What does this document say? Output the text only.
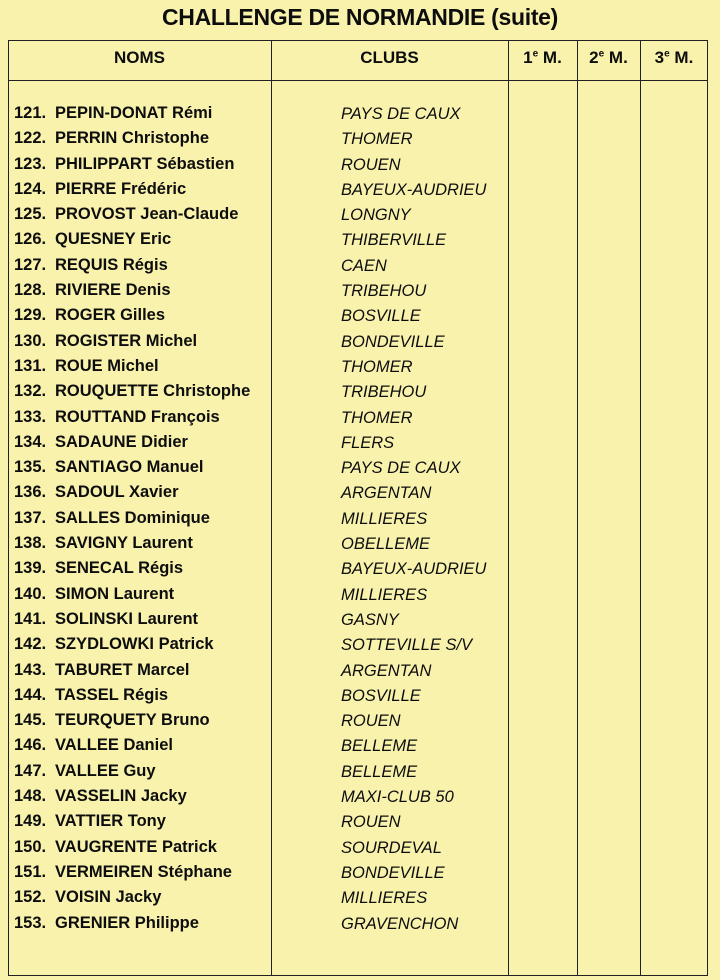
CHALLENGE DE NORMANDIE (suite)
NOMS	CLUBS	1e M.	2e M.	3e M.
121. PEPIN-DONAT Rémi	PAYS DE CAUX
122. PERRIN Christophe	THOMER
123. PHILIPPART Sébastien	ROUEN
124. PIERRE Frédéric	BAYEUX-AUDRIEU
125. PROVOST Jean-Claude	LONGNY
126. QUESNEY Eric	THIBERVILLE
127. REQUIS Régis	CAEN
128. RIVIERE Denis	TRIBEHOU
129. ROGER Gilles	BOSVILLE
130. ROGISTER Michel	BONDEVILLE
131. ROUE Michel	THOMER
132. ROUQUETTE Christophe	TRIBEHOU
133. ROUTTAND François	THOMER
134. SADAUNE Didier	FLERS
135. SANTIAGO Manuel	PAYS DE CAUX
136. SADOUL Xavier	ARGENTAN
137. SALLES Dominique	MILLIERES
138. SAVIGNY Laurent	OBELLEME
139. SENECAL Régis	BAYEUX-AUDRIEU
140. SIMON Laurent	MILLIERES
141. SOLINSKI Laurent	GASNY
142. SZYDLOWKI Patrick	SOTTEVILLE S/V
143. TABURET Marcel	ARGENTAN
144. TASSEL Régis	BOSVILLE
145. TEURQUETY Bruno	ROUEN
146. VALLEE Daniel	BELLEME
147. VALLEE Guy	BELLEME
148. VASSELIN Jacky	MAXI-CLUB 50
149. VATTIER Tony	ROUEN
150. VAUGRENTE Patrick	SOURDEVAL
151. VERMEIREN Stéphane	BONDEVILLE
152. VOISIN Jacky	MILLIERES
153. GRENIER Philippe	GRAVENCHON
